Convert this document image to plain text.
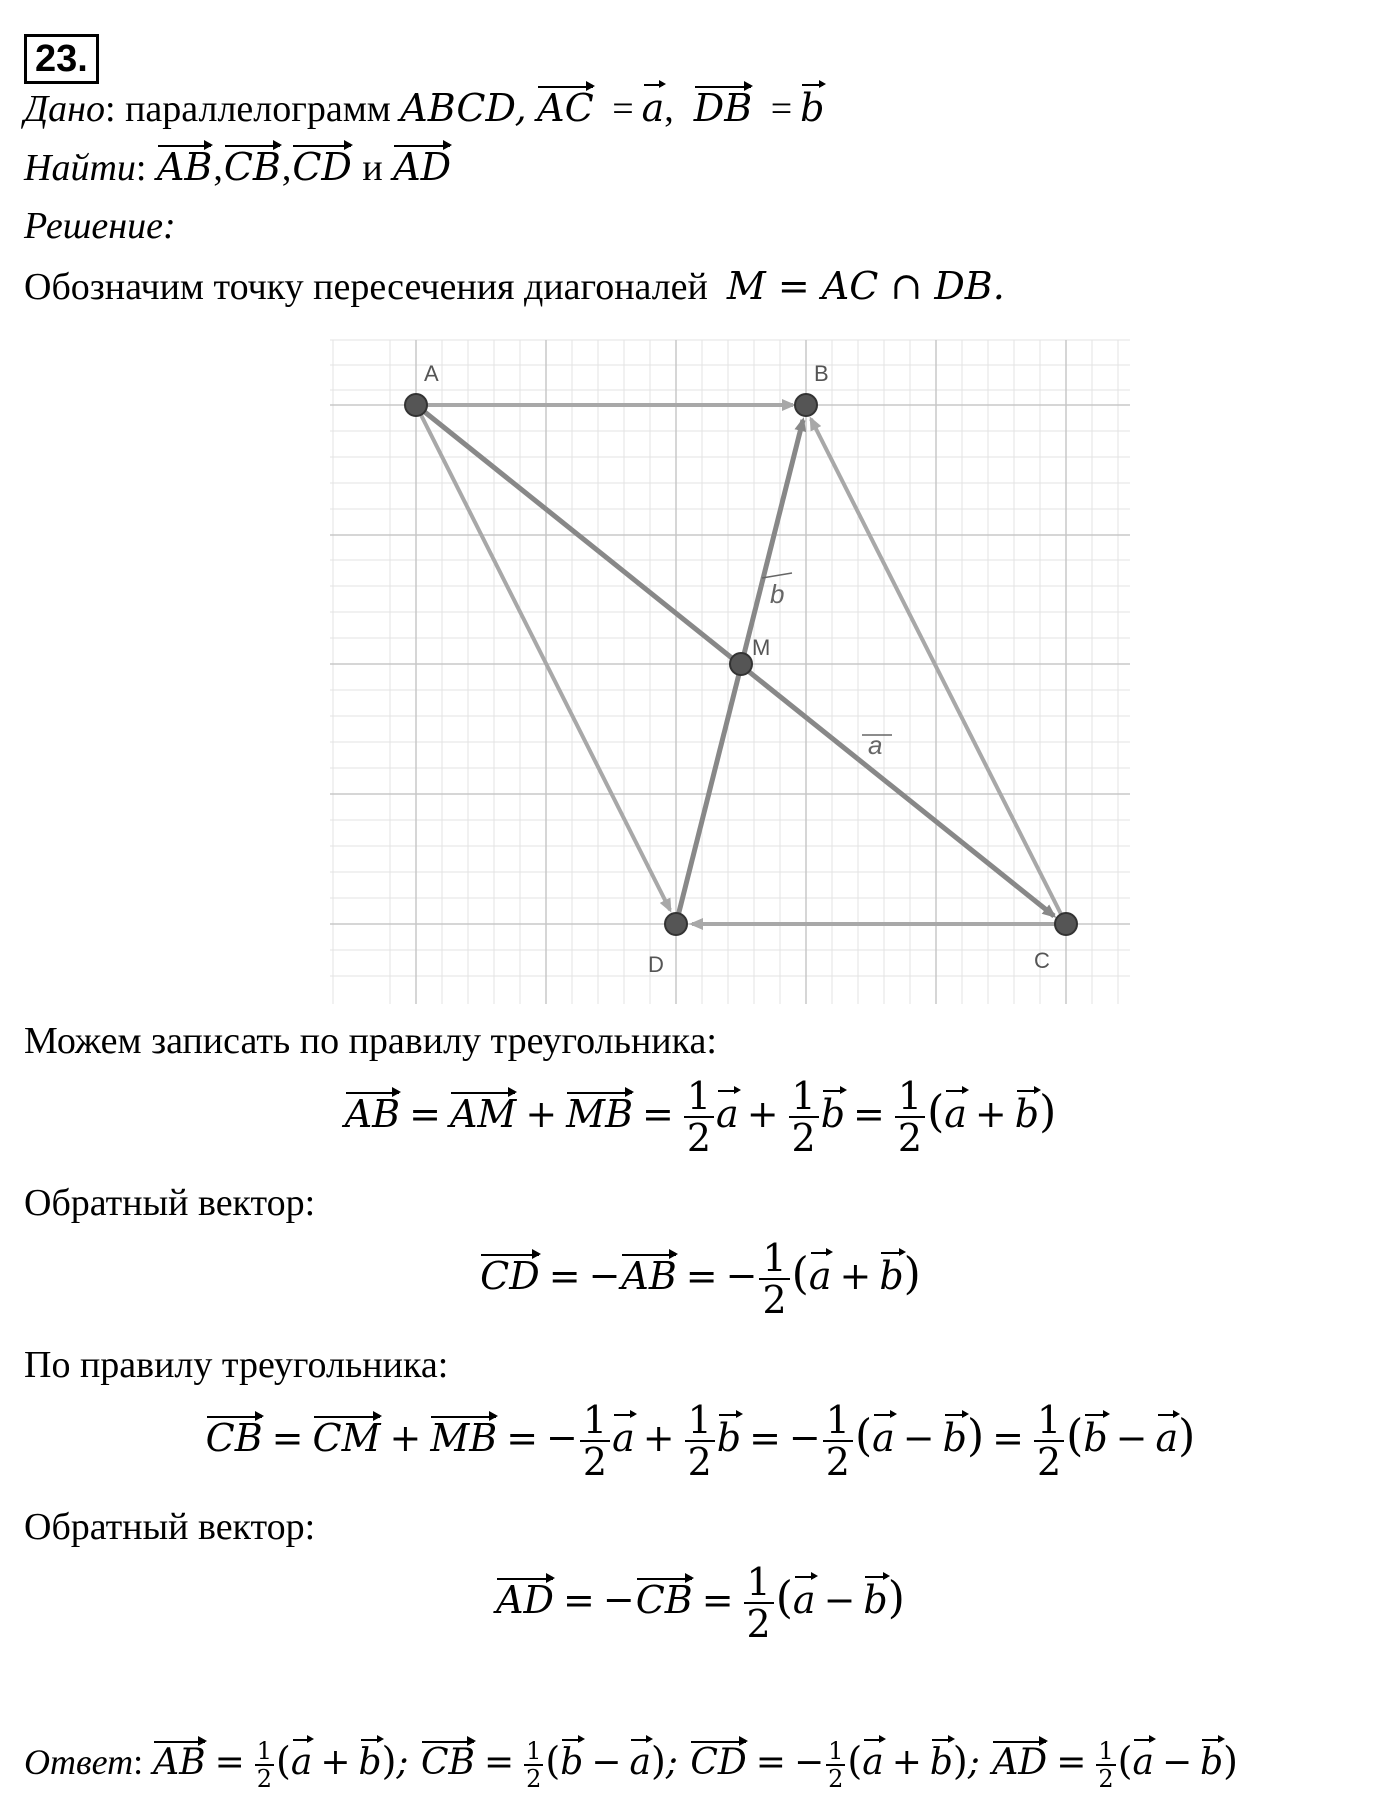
23.
Дано: параллелограмм ABCD, AC = a,  DB = b
Найти: AB,CB,CD и AD
Решение:
Обозначим точку пересечения диагоналей M = AC ∩ DB.
A	B
C
D
M
b
a
Можем записать по правилу треугольника:
AB = AM + MB = $\frac{1}{2}$ $a + \frac{1}{2}$ $b = \frac{1}{2} (a + b)$
Обратный вектор:
CD = −AB = − $\frac{1}{2} (a + b)$
По правилу треугольника:
CB = CM + MB = − $\frac{1}{2}$ $a + \frac{1}{2}$ b = − $\frac{1}{2} (a - b) = \frac{1}{2} (b - a)$
Обратный вектор:
AD = $-CB = \frac{1}{2} (a - b)$
Ответ: AB = $\frac{1}{2} (a + b)$; CB = $\frac{1}{2} (b - a)$; CD = − $\frac{1}{2} (a + b)$; AD = $\frac{1}{2} (a - b)$
